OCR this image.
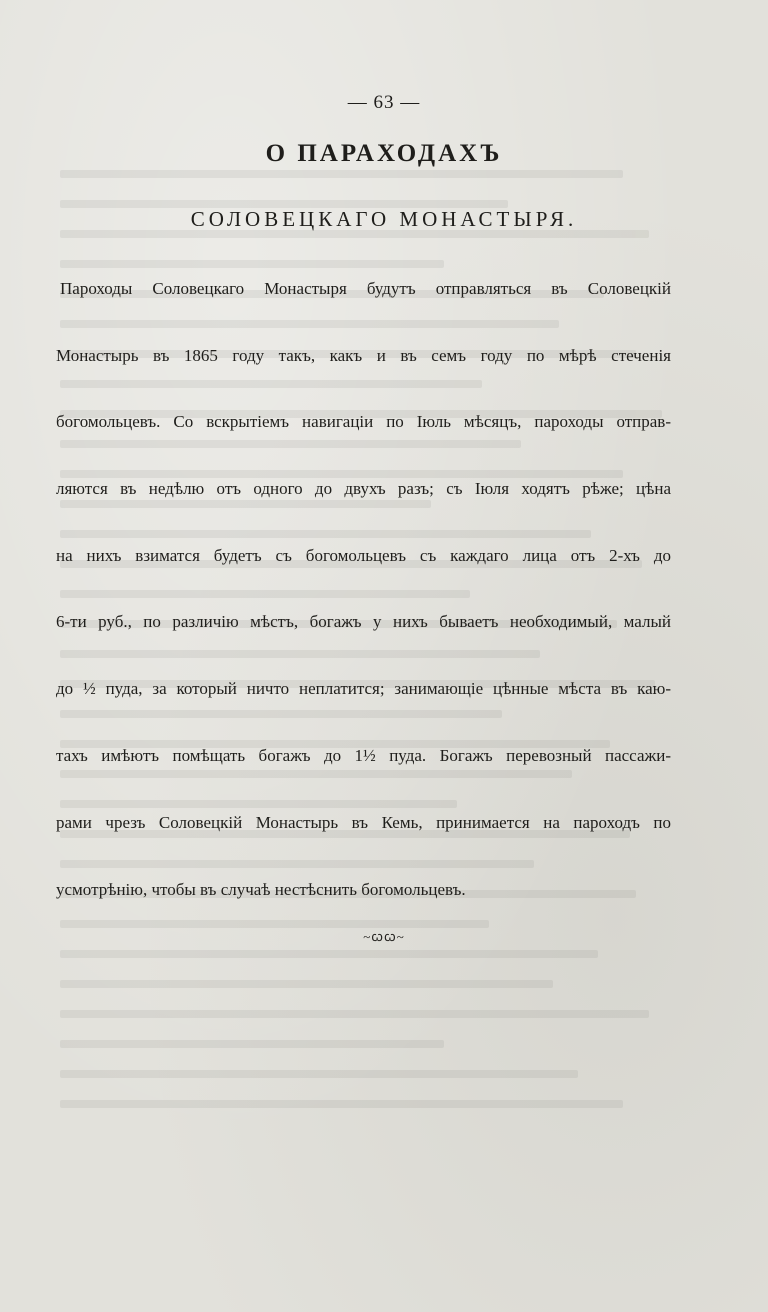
— 63 —
О ПАРАХОДАХЪ
СОЛОВЕЦКАГО МОНАСТЫРЯ.
Пароходы Соловецкаго Монастыря будутъ отправляться въ Соловецкій
Монастырь въ 1865 году такъ, какъ и въ семъ году по мѣрѣ стеченія
богомольцевъ. Со вскрытіемъ навигаціи по Іюль мѣсяцъ, пароходы отправ-
ляются въ недѣлю отъ одного до двухъ разъ; съ Іюля ходятъ рѣже; цѣна
на нихъ взиматся будетъ съ богомольцевъ съ каждаго лица отъ 2-хъ до
6-ти руб., по различію мѣстъ, богажъ у нихъ бываетъ необходимый, малый
до ½ пуда, за который ничто неплатится; занимающіе цѣнные мѣста въ каю-
тахъ имѣютъ помѣщать богажъ до 1½ пуда. Богажъ перевозный пассажи-
рами чрезъ Соловецкій Монастырь въ Кемь, принимается на пароходъ по
усмотрѣнію, чтобы въ случаѣ нестѣснить богомольцевъ.
~ꞷꞷ~
